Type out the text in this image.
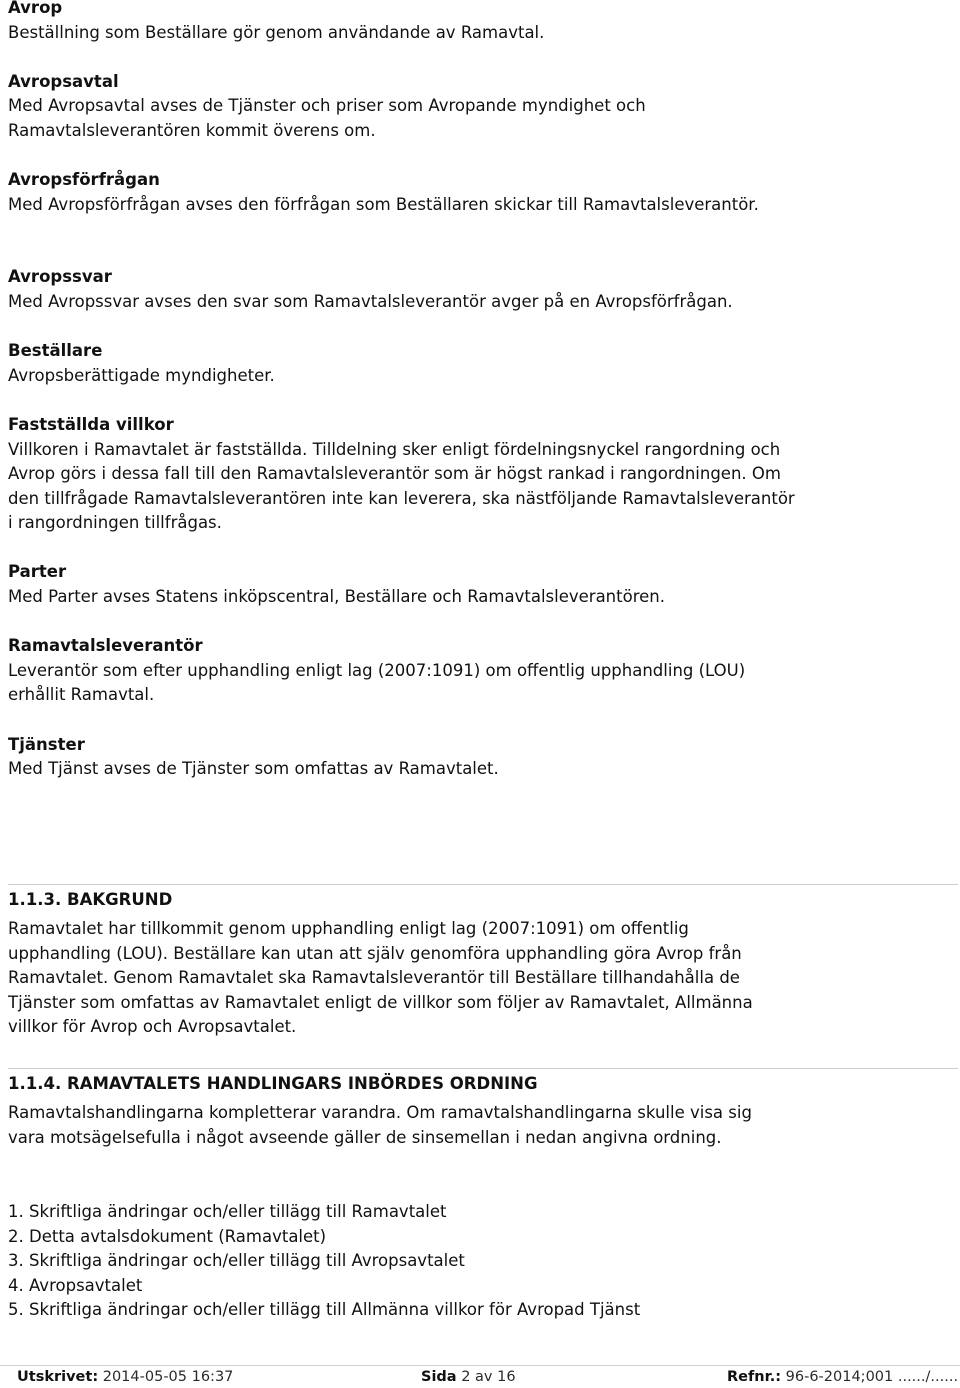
Avrop
Beställning som Beställare gör genom användande av Ramavtal.
Avropsavtal
Med Avropsavtal avses de Tjänster och priser som Avropande myndighet och Ramavtalsleverantören kommit överens om.
Avropsförfrågan
Med Avropsförfrågan avses den förfrågan som Beställaren skickar till Ramavtalsleverantör.
Avropssvar
Med Avropssvar avses den svar som Ramavtalsleverantör avger på en Avropsförfrågan.
Beställare
Avropsberättigade myndigheter.
Fastställda villkor
Villkoren i Ramavtalet är fastställda. Tilldelning sker enligt fördelningsnyckel rangordning och Avrop görs i dessa fall till den Ramavtalsleverantör som är högst rankad i rangordningen. Om den tillfrågade Ramavtalsleverantören inte kan leverera, ska nästföljande Ramavtalsleverantör i rangordningen tillfrågas.
Parter
Med Parter avses Statens inköpscentral, Beställare och Ramavtalsleverantören.
Ramavtalsleverantör
Leverantör som efter upphandling enligt lag (2007:1091) om offentlig upphandling (LOU) erhållit Ramavtal.
Tjänster
Med Tjänst avses de Tjänster som omfattas av Ramavtalet.
1.1.3. BAKGRUND
Ramavtalet har tillkommit genom upphandling enligt lag (2007:1091) om offentlig upphandling (LOU). Beställare kan utan att själv genomföra upphandling göra Avrop från Ramavtalet. Genom Ramavtalet ska Ramavtalsleverantör till Beställare tillhandahålla de Tjänster som omfattas av Ramavtalet enligt de villkor som följer av Ramavtalet, Allmänna villkor för Avrop och Avropsavtalet.
1.1.4. RAMAVTALETS HANDLINGARS INBÖRDES ORDNING
Ramavtalshandlingarna kompletterar varandra. Om ramavtalshandlingarna skulle visa sig vara motsägelsefulla i något avseende gäller de sinsemellan i nedan angivna ordning.
1. Skriftliga ändringar och/eller tillägg till Ramavtalet
2. Detta avtalsdokument (Ramavtalet)
3. Skriftliga ändringar och/eller tillägg till Avropsavtalet
4. Avropsavtalet
5. Skriftliga ändringar och/eller tillägg till Allmänna villkor för Avropad Tjänst
Utskrivet: 2014-05-05 16:37	Sida 2 av 16	Refnr.: 96-6-2014;001 ....../......
